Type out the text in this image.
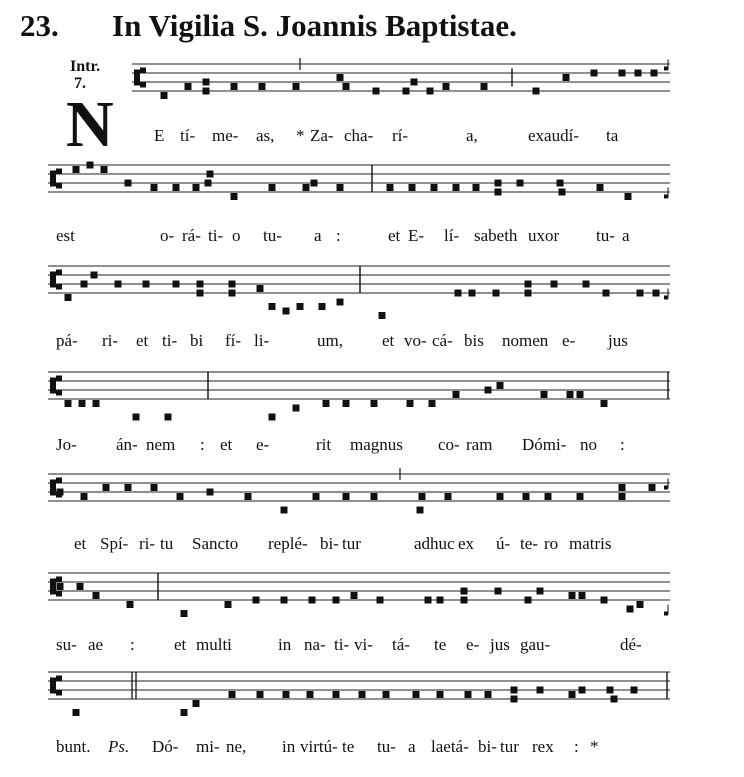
23. In Vigilia S. Joannis Baptistae.
Intr.
7.
N E tí- me- as, * Za- cha- rí-	a,	exaudí- ta
est	o- rá- ti- o tu- a :	et E- lí- sabeth uxor tu- a
pá- ri- et ti- bi fí- li-	um, et vo- cá- bis nomen e- jus
Jo- án- nem : et e-	rit magnus co- ram Dómi- no :
et Spí- ri- tu Sancto replé- bi- tur	adhuc ex ú- te- ro matris
su- ae : et multi	in na- ti- vi- tá- te e- jus gau-	dé-
bunt. Ps. Dó- mi- ne, in virtú- te tu- a laetá- bi- tur rex : *
